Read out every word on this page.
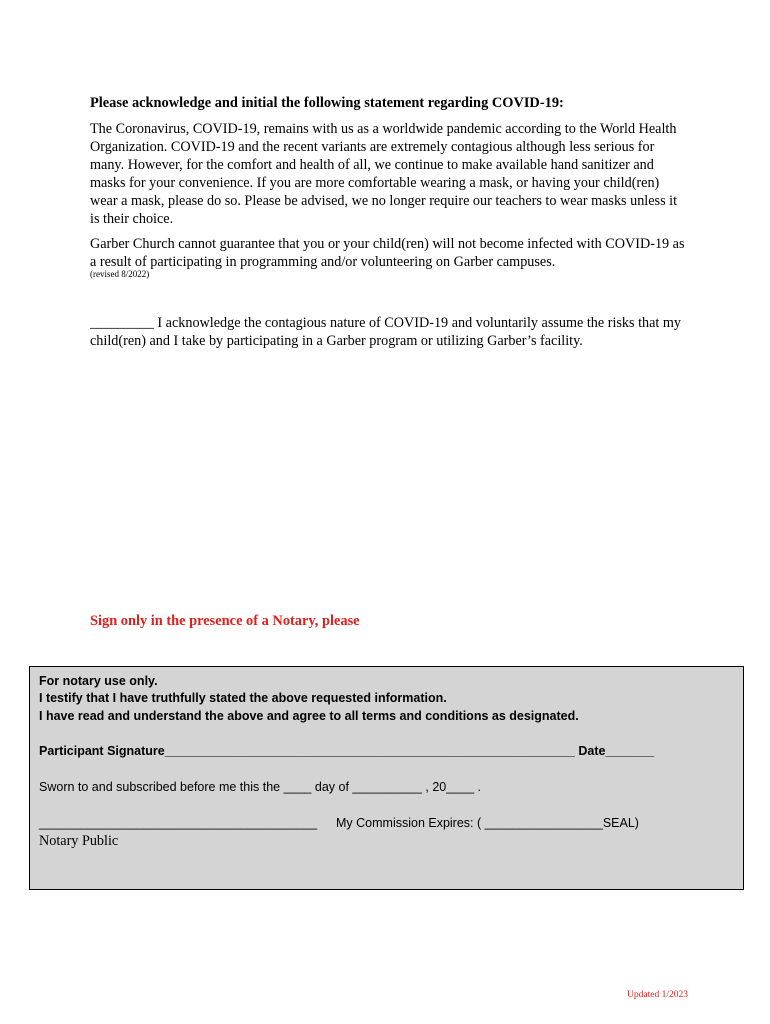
Please acknowledge and initial the following statement regarding COVID-19:

The Coronavirus, COVID-19, remains with us as a worldwide pandemic according to the World Health Organization. COVID-19 and the recent variants are extremely contagious although less serious for many. However, for the comfort and health of all, we continue to make available hand sanitizer and masks for your convenience. If you are more comfortable wearing a mask, or having your child(ren) wear a mask, please do so. Please be advised, we no longer require our teachers to wear masks unless it is their choice.

Garber Church cannot guarantee that you or your child(ren) will not become infected with COVID-19 as a result of participating in programming and/or volunteering on Garber campuses.

(revised 8/2022)
_________ I acknowledge the contagious nature of COVID-19 and voluntarily assume the risks that my child(ren) and I take by participating in a Garber program or utilizing Garber’s facility.
Sign only in the presence of a Notary, please
For notary use only.
I testify that I have truthfully stated the above requested information.
I have read and understand the above and agree to all terms and conditions as designated.
Participant Signature___________________________________________________________ Date_______
Sworn to and subscribed before me this the ____ day of __________ , 20____ .
________________________________________ My Commission Expires: ( _________________SEAL)
Notary Public
Updated 1/2023
